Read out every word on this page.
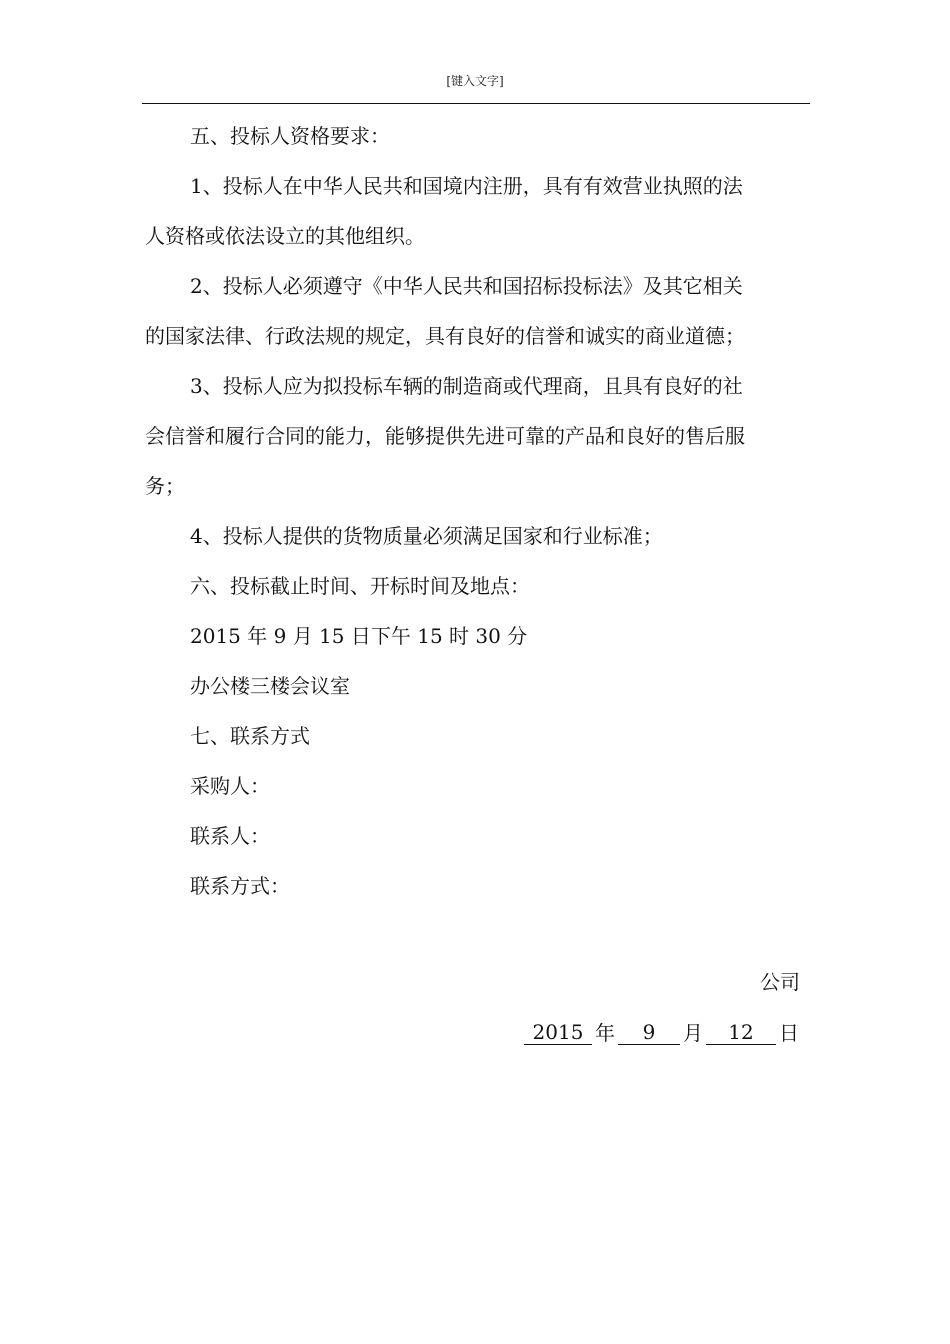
[键入文字]
五、投标人资格要求：
1、投标人在中华人民共和国境内注册，具有有效营业执照的法
人资格或依法设立的其他组织。
2、投标人必须遵守《中华人民共和国招标投标法》及其它相关
的国家法律、行政法规的规定，具有良好的信誉和诚实的商业道德；
3、投标人应为拟投标车辆的制造商或代理商，且具有良好的社
会信誉和履行合同的能力，能够提供先进可靠的产品和良好的售后服
务；
4、投标人提供的货物质量必须满足国家和行业标准；
六、投标截止时间、开标时间及地点：
2015 年 9 月 15 日下午 15 时 30 分
办公楼三楼会议室
七、联系方式
采购人：
联系人：
联系方式：
公司
2015 年	9	月	12	日
